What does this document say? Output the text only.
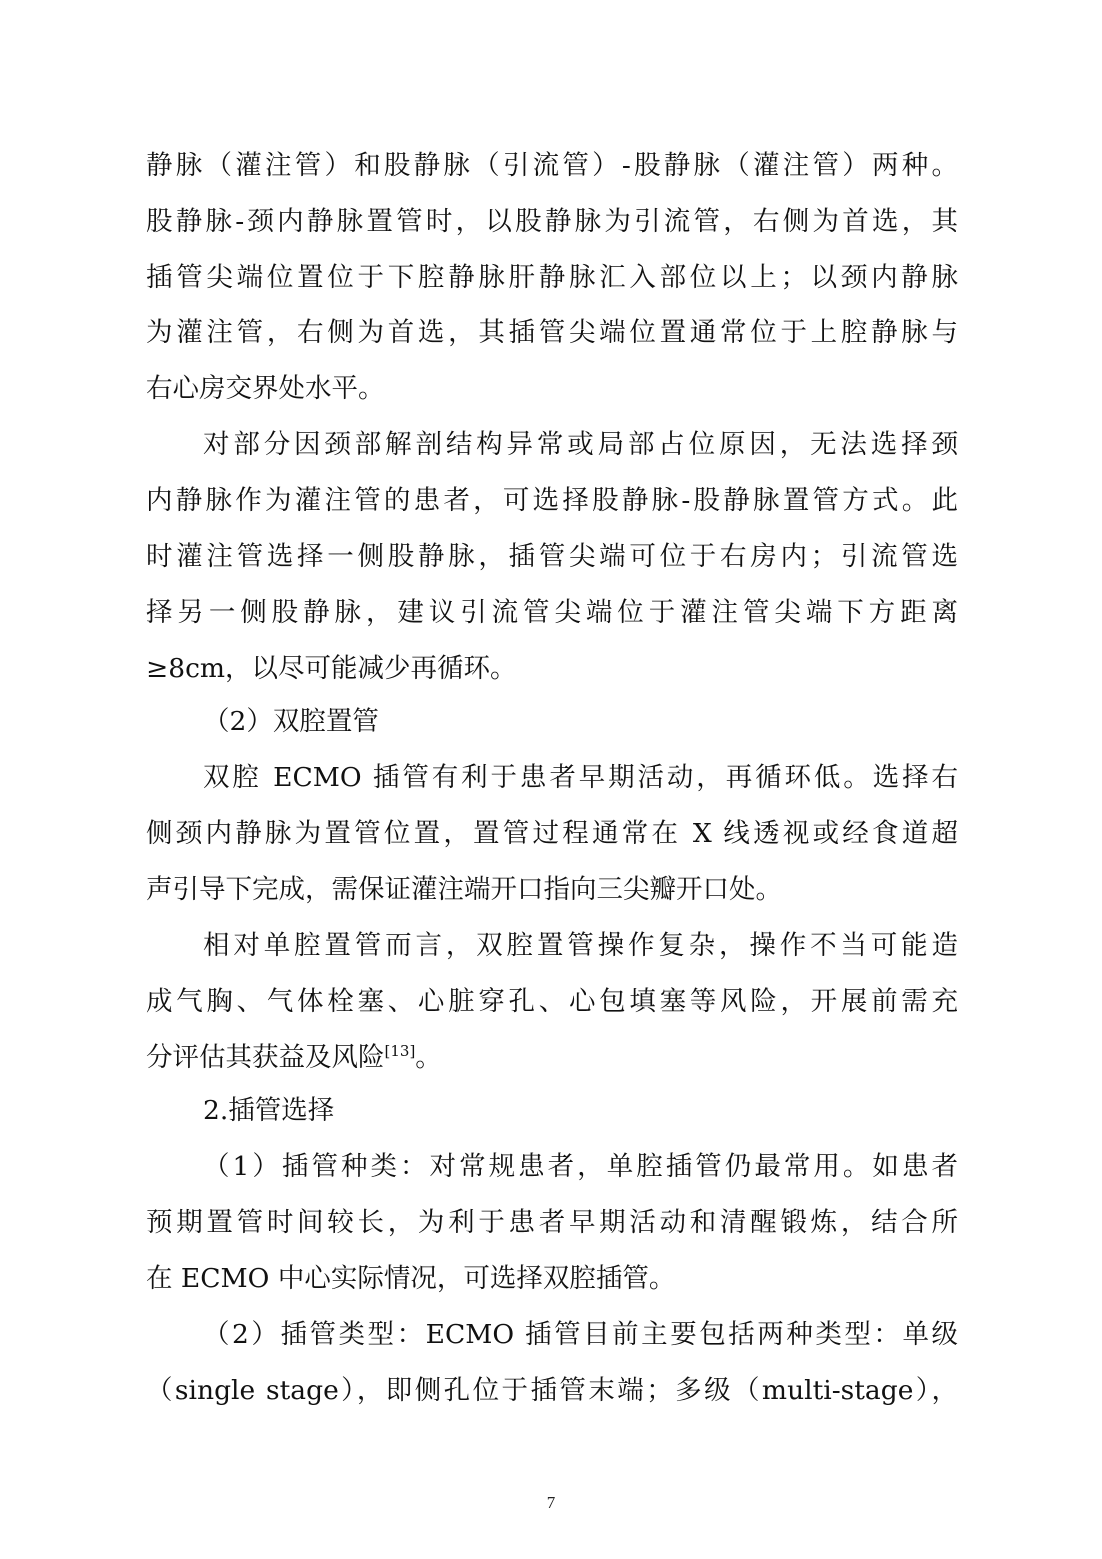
静脉（灌注管）和股静脉（引流管）-股静脉（灌注管）两种。
股静脉-颈内静脉置管时，以股静脉为引流管，右侧为首选，其
插管尖端位置位于下腔静脉肝静脉汇入部位以上；以颈内静脉
为灌注管，右侧为首选，其插管尖端位置通常位于上腔静脉与
右心房交界处水平。
对部分因颈部解剖结构异常或局部占位原因，无法选择颈
内静脉作为灌注管的患者，可选择股静脉-股静脉置管方式。此
时灌注管选择一侧股静脉，插管尖端可位于右房内；引流管选
择另一侧股静脉，建议引流管尖端位于灌注管尖端下方距离
≥8cm，以尽可能减少再循环。
（2）双腔置管
双腔 ECMO 插管有利于患者早期活动，再循环低。选择右
侧颈内静脉为置管位置，置管过程通常在 X 线透视或经食道超
声引导下完成，需保证灌注端开口指向三尖瓣开口处。
相对单腔置管而言，双腔置管操作复杂，操作不当可能造
成气胸、气体栓塞、心脏穿孔、心包填塞等风险，开展前需充
分评估其获益及风险[13]。
2.插管选择
（1）插管种类：对常规患者，单腔插管仍最常用。如患者
预期置管时间较长，为利于患者早期活动和清醒锻炼，结合所
在 ECMO 中心实际情况，可选择双腔插管。
（2）插管类型：ECMO 插管目前主要包括两种类型：单级
（single stage），即侧孔位于插管末端；多级（multi-stage），
7
